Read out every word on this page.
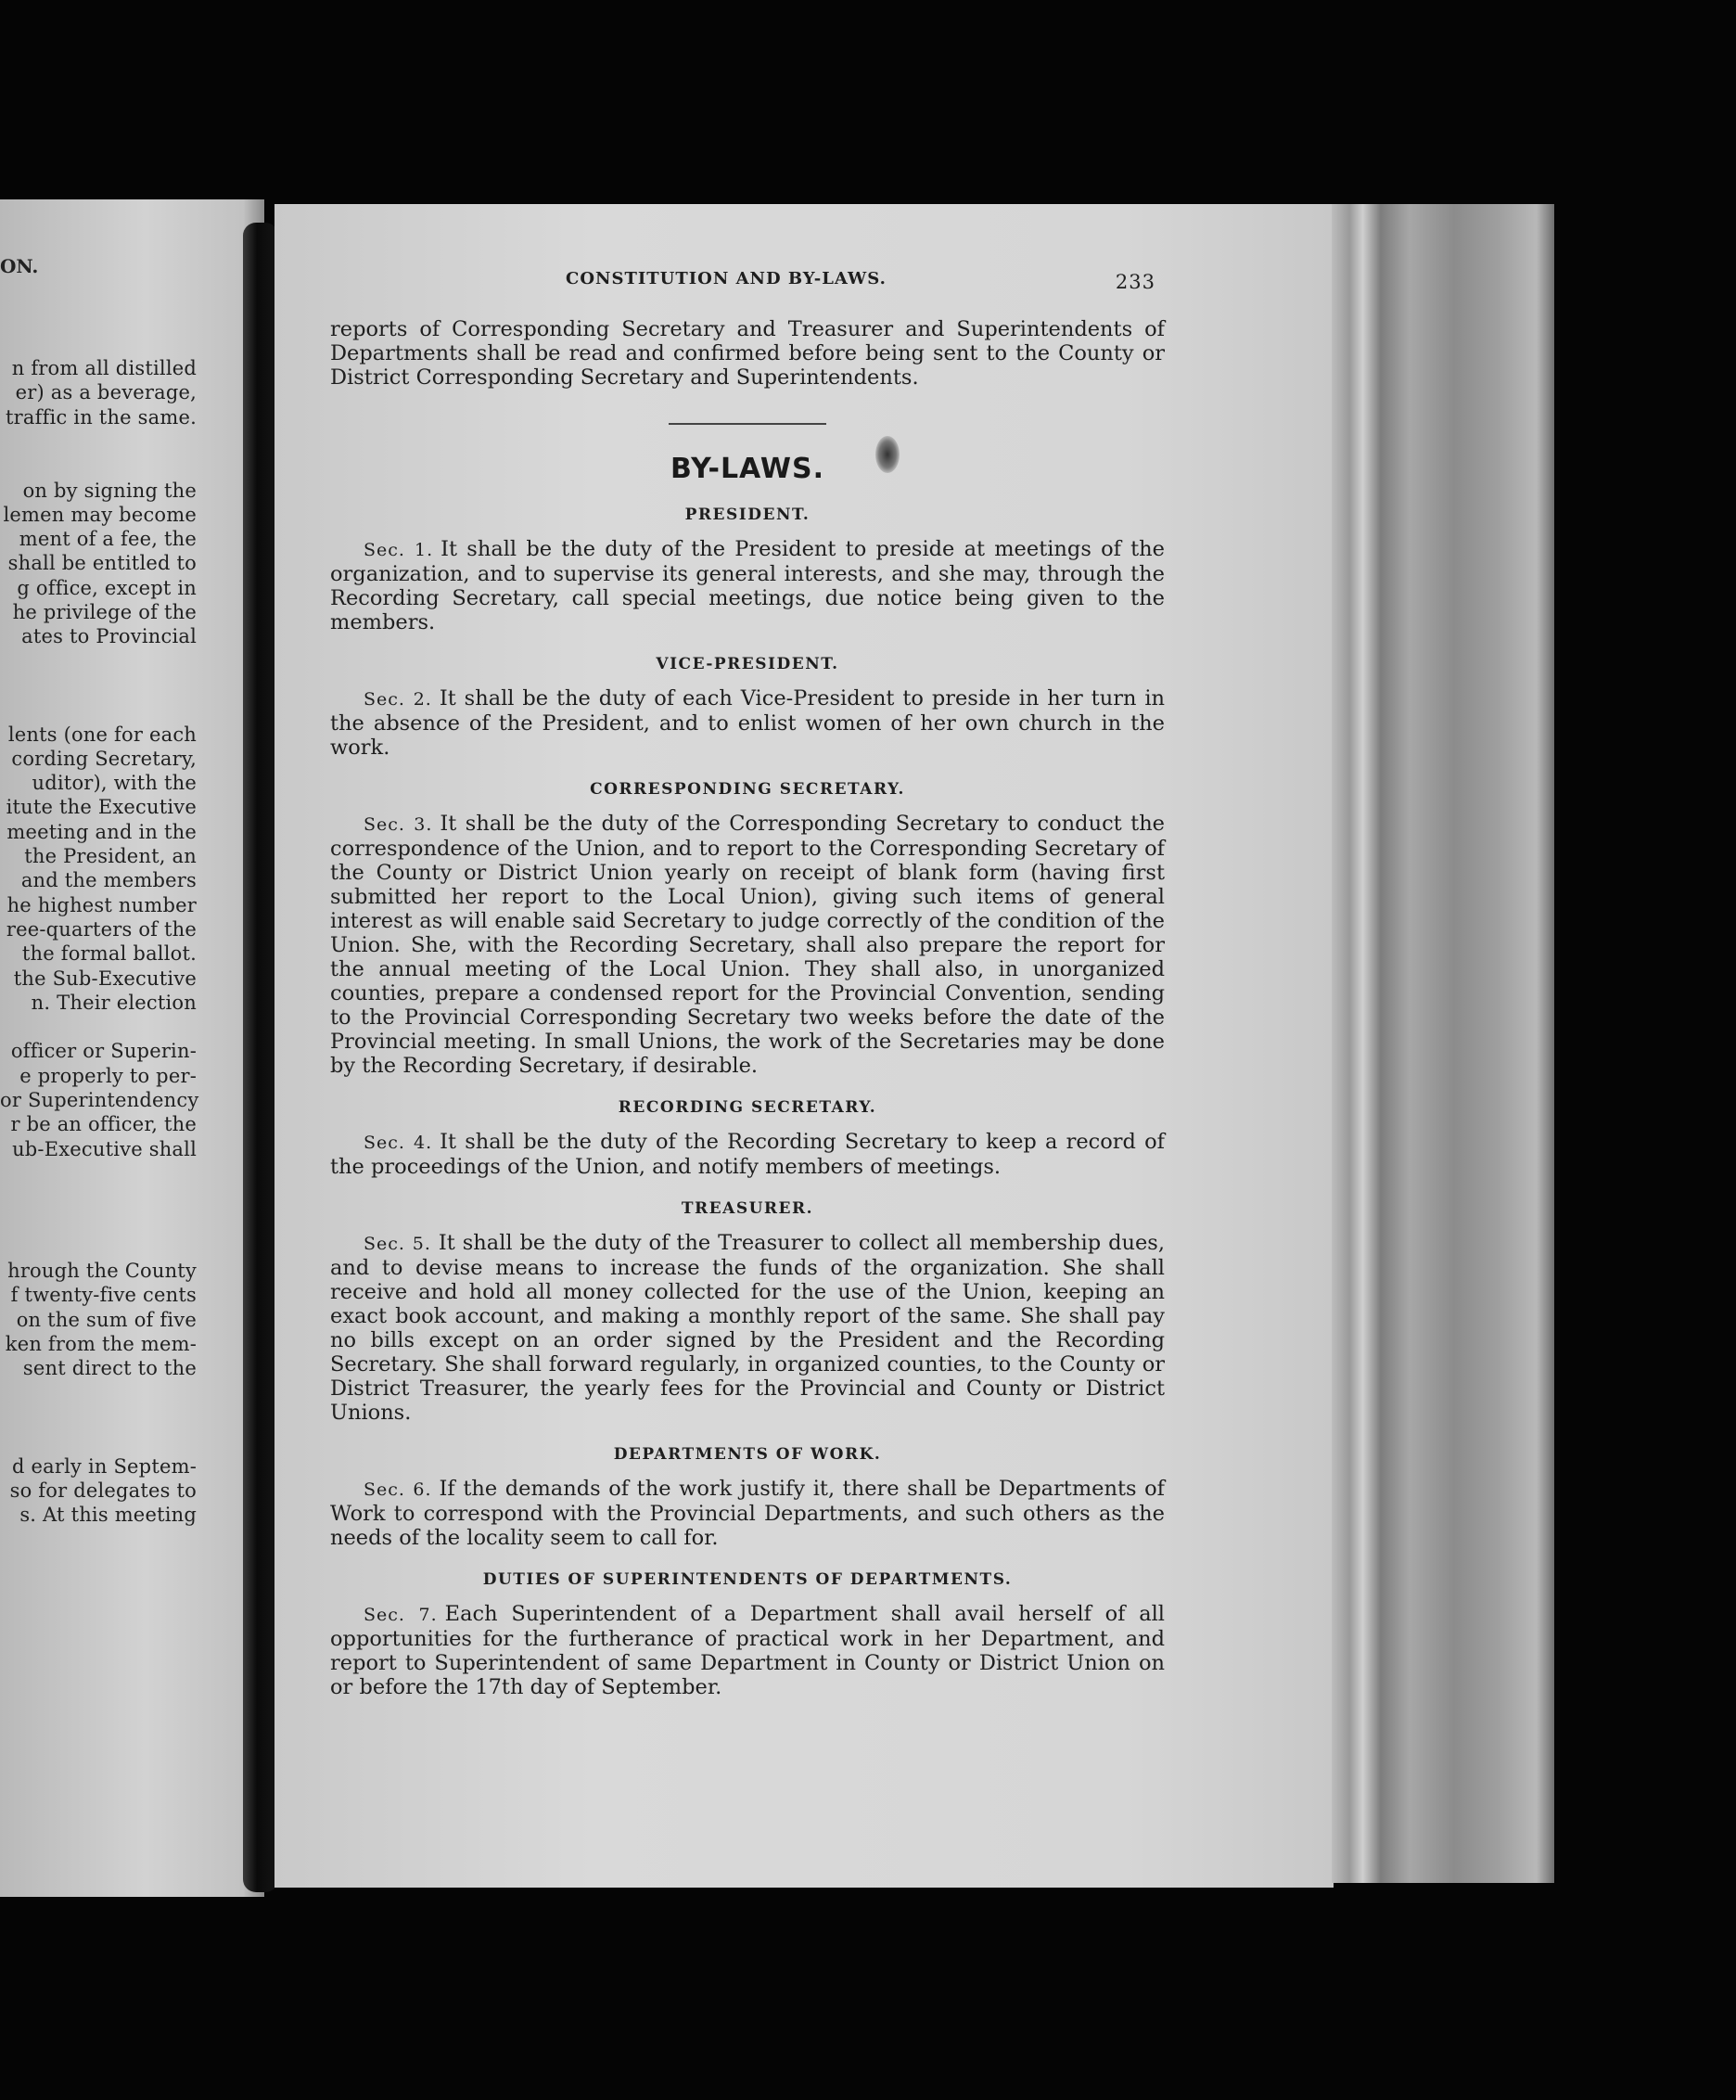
ON.
n from all distilled
er) as a beverage,
traffic in the same.
on by signing the
lemen may become
ment of a fee, the
shall be entitled to
g office, except in
he privilege of the
ates to Provincial
lents (one for each
cording Secretary,
uditor), with the
itute the Executive
meeting and in the
the President, an
and the members
he highest number
ree-quarters of the
the formal ballot.
the Sub-Executive
n. Their election
officer or Superin-
e properly to per-
or Superintendency
r be an officer, the
ub-Executive shall
hrough the County
f twenty-five cents
on the sum of five
ken from the mem-
sent direct to the
d early in Septem-
so for delegates to
s. At this meeting
CONSTITUTION AND BY-LAWS.	233

reports of Corresponding Secretary and Treasurer and Superintendents of Departments shall be read and confirmed before being sent to the County or District Corresponding Secretary and Superintendents.

BY-LAWS.
PRESIDENT.

Sec. 1. It shall be the duty of the President to preside at meetings of the organization, and to supervise its general interests, and she may, through the Recording Secretary, call special meetings, due notice being given to the members.

VICE-PRESIDENT.

Sec. 2. It shall be the duty of each Vice-President to preside in her turn in the absence of the President, and to enlist women of her own church in the work.

CORRESPONDING SECRETARY.

Sec. 3. It shall be the duty of the Corresponding Secretary to conduct the correspondence of the Union, and to report to the Corresponding Secretary of the County or District Union yearly on receipt of blank form (having first submitted her report to the Local Union), giving such items of general interest as will enable said Secretary to judge correctly of the condition of the Union. She, with the Recording Secretary, shall also prepare the report for the annual meeting of the Local Union. They shall also, in unorganized counties, prepare a condensed report for the Provincial Convention, sending to the Provincial Corresponding Secretary two weeks before the date of the Provincial meeting. In small Unions, the work of the Secretaries may be done by the Recording Secretary, if desirable.

RECORDING SECRETARY.

Sec. 4. It shall be the duty of the Recording Secretary to keep a record of the proceedings of the Union, and notify members of meetings.

TREASURER.

Sec. 5. It shall be the duty of the Treasurer to collect all membership dues, and to devise means to increase the funds of the organization. She shall receive and hold all money collected for the use of the Union, keeping an exact book account, and making a monthly report of the same. She shall pay no bills except on an order signed by the President and the Recording Secretary. She shall forward regularly, in organized counties, to the County or District Treasurer, the yearly fees for the Provincial and County or District Unions.

DEPARTMENTS OF WORK.

Sec. 6. If the demands of the work justify it, there shall be Departments of Work to correspond with the Provincial Departments, and such others as the needs of the locality seem to call for.

DUTIES OF SUPERINTENDENTS OF DEPARTMENTS.

Sec. 7. Each Superintendent of a Department shall avail herself of all opportunities for the furtherance of practical work in her Department, and report to Superintendent of same Department in County or District Union on or before the 17th day of September.
